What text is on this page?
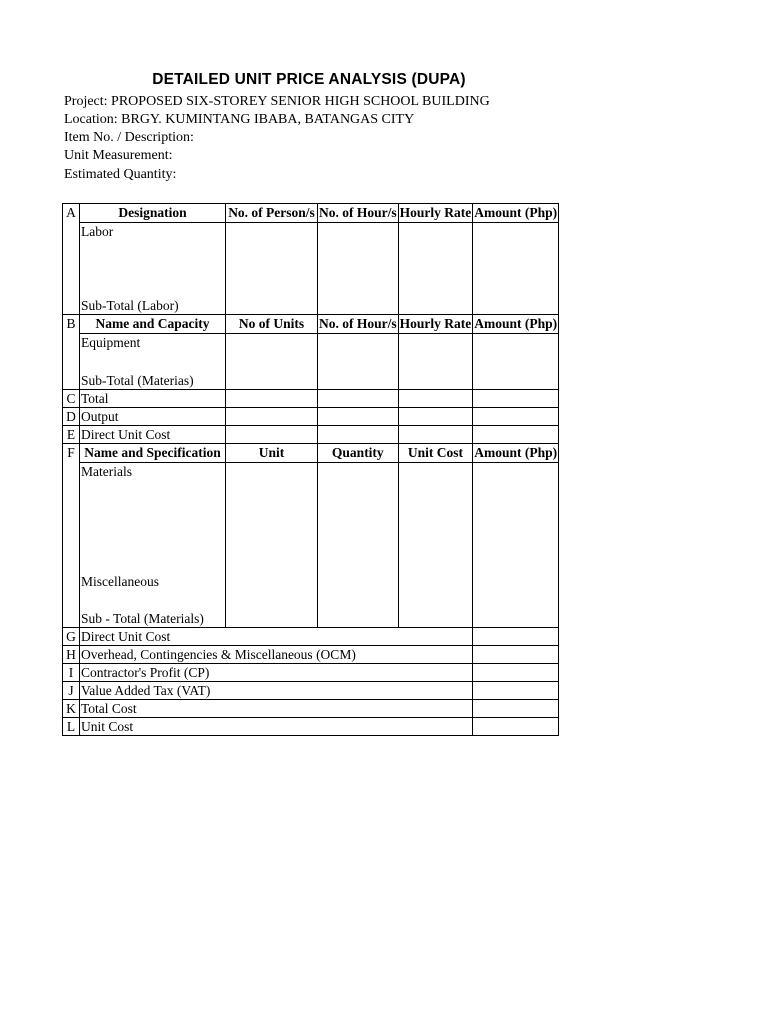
DETAILED UNIT PRICE ANALYSIS (DUPA)
Project: PROPOSED SIX-STOREY SENIOR HIGH SCHOOL BUILDING
Location: BRGY. KUMINTANG IBABA, BATANGAS CITY
Item No. / Description:
Unit Measurement:
Estimated Quantity:
A	Designation	No. of Person/s	No. of Hour/s	Hourly Rate	Amount (Php)

	Labor
Sub-Total (Labor)				

B	Name and Capacity	No of Units	No. of Hour/s	Hourly Rate	Amount (Php)

	Equipment
Sub-Total (Materias)				

C	Total				
D	Output				
E	Direct Unit Cost				
F	Name and Specification	Unit	Quantity	Unit Cost	Amount (Php)

	Materials
Miscellaneous
Sub - Total (Materials)				

G	Direct Unit Cost				
H	Overhead, Contingencies & Miscellaneous (OCM)				
I	Contractor's Profit (CP)				
J	Value Added Tax (VAT)				
K	Total Cost				
L	Unit Cost				
